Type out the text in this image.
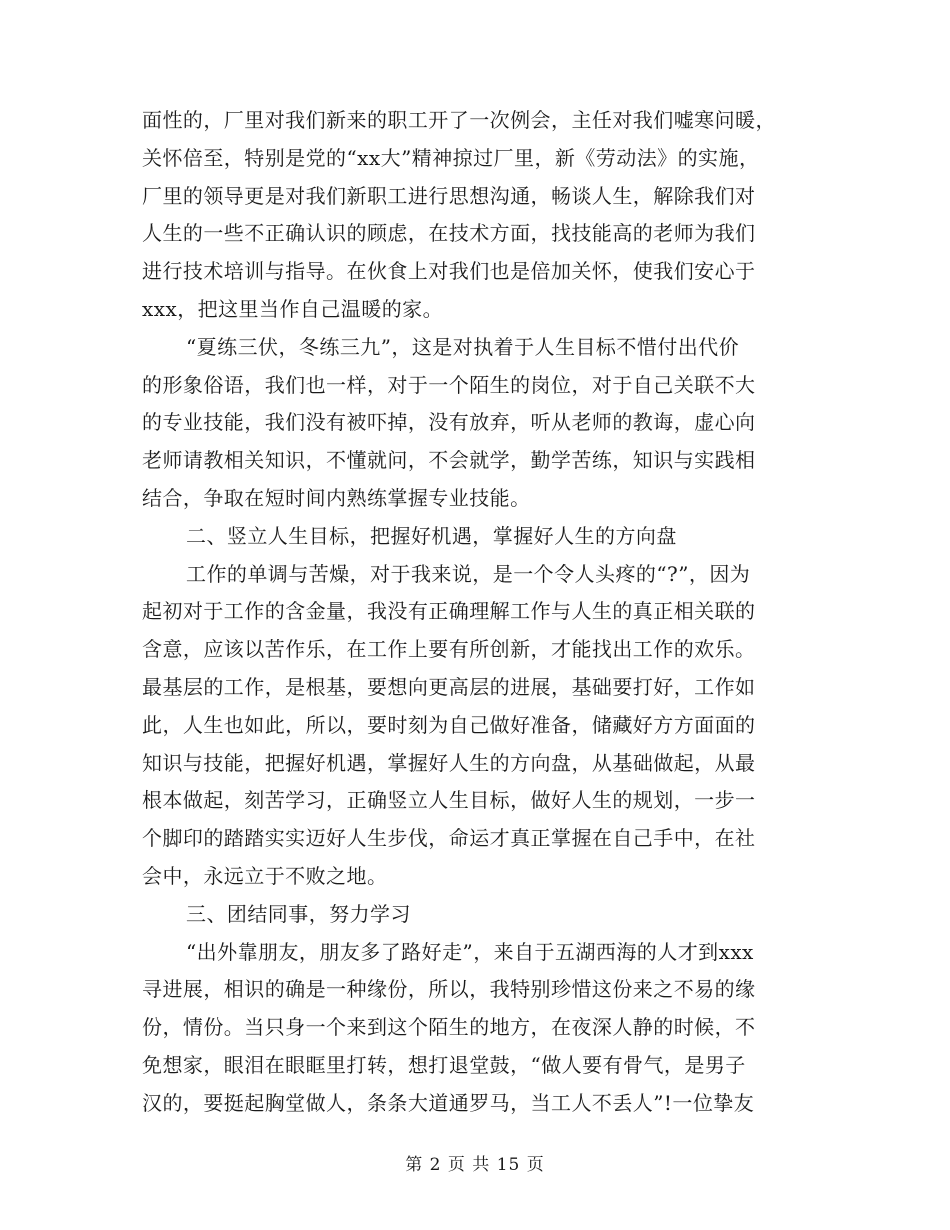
面性的，厂里对我们新来的职工开了一次例会，主任对我们嘘寒问暖，
关怀倍至，特别是党的“xx大”精神掠过厂里，新《劳动法》的实施，
厂里的领导更是对我们新职工进行思想沟通，畅谈人生，解除我们对
人生的一些不正确认识的顾虑，在技术方面，找技能高的老师为我们
进行技术培训与指导。在伙食上对我们也是倍加关怀，使我们安心于
xxx，把这里当作自己温暖的家。
“夏练三伏，冬练三九”，这是对执着于人生目标不惜付出代价
的形象俗语，我们也一样，对于一个陌生的岗位，对于自己关联不大
的专业技能，我们没有被吓掉，没有放弃，听从老师的教诲，虚心向
老师请教相关知识，不懂就问，不会就学，勤学苦练，知识与实践相
结合，争取在短时间内熟练掌握专业技能。
二、竖立人生目标，把握好机遇，掌握好人生的方向盘
工作的单调与苦燥，对于我来说，是一个令人头疼的“?”，因为
起初对于工作的含金量，我没有正确理解工作与人生的真正相关联的
含意，应该以苦作乐，在工作上要有所创新，才能找出工作的欢乐。
最基层的工作，是根基，要想向更高层的进展，基础要打好，工作如
此，人生也如此，所以，要时刻为自己做好准备，储藏好方方面面的
知识与技能，把握好机遇，掌握好人生的方向盘，从基础做起，从最
根本做起，刻苦学习，正确竖立人生目标，做好人生的规划，一步一
个脚印的踏踏实实迈好人生步伐，命运才真正掌握在自己手中，在社
会中，永远立于不败之地。
三、团结同事，努力学习
“出外靠朋友，朋友多了路好走”，来自于五湖西海的人才到xxx
寻进展，相识的确是一种缘份，所以，我特别珍惜这份来之不易的缘
份，情份。当只身一个来到这个陌生的地方，在夜深人静的时候，不
免想家，眼泪在眼眶里打转，想打退堂鼓，“做人要有骨气，是男子
汉的，要挺起胸堂做人，条条大道通罗马，当工人不丢人”!一位挚友
第 2 页 共 15 页
